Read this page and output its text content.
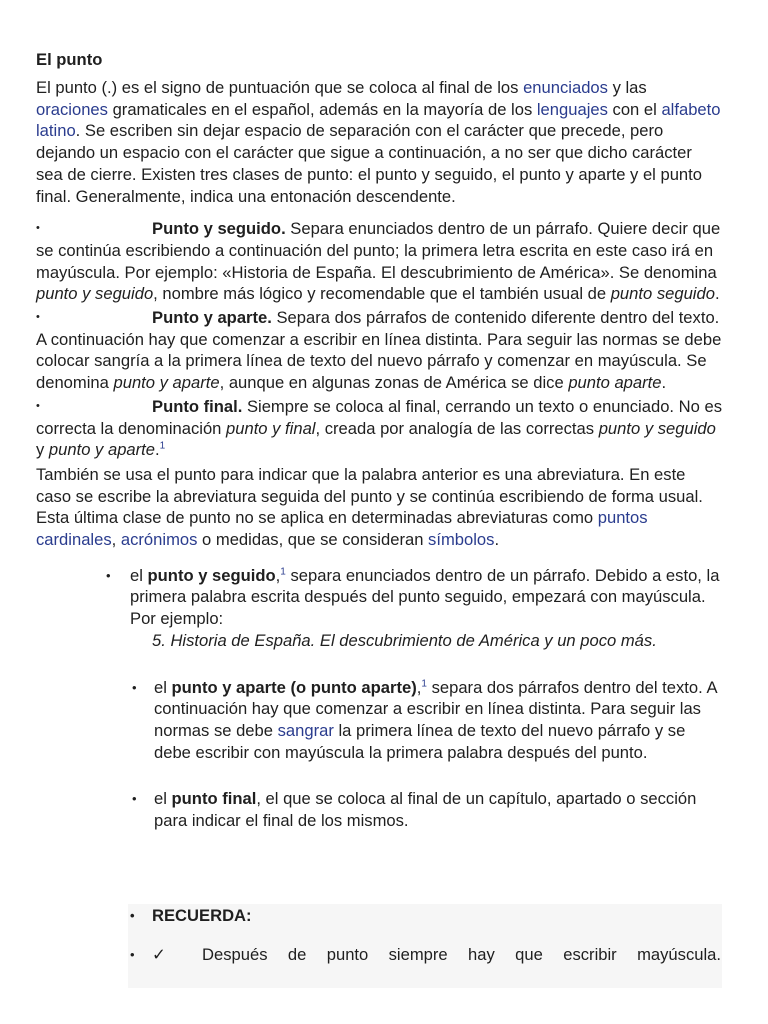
El punto

El punto (.) es el signo de puntuación que se coloca al final de los enunciados y las oraciones gramaticales en el español, además en la mayoría de los lenguajes con el alfabeto latino. Se escriben sin dejar espacio de separación con el carácter que precede, pero dejando un espacio con el carácter que sigue a continuación, a no ser que dicho carácter sea de cierre. Existen tres clases de punto: el punto y seguido, el punto y aparte y el punto final. Generalmente, indica una entonación descendente.

•	Punto y seguido. Separa enunciados dentro de un párrafo. Quiere decir que se continúa escribiendo a continuación del punto; la primera letra escrita en este caso irá en mayúscula. Por ejemplo: «Historia de España. El descubrimiento de América». Se denomina punto y seguido, nombre más lógico y recomendable que el también usual de punto seguido.

•	Punto y aparte. Separa dos párrafos de contenido diferente dentro del texto. A continuación hay que comenzar a escribir en línea distinta. Para seguir las normas se debe colocar sangría a la primera línea de texto del nuevo párrafo y comenzar en mayúscula. Se denomina punto y aparte, aunque en algunas zonas de América se dice punto aparte.

•	Punto final. Siempre se coloca al final, cerrando un texto o enunciado. No es correcta la denominación punto y final, creada por analogía de las correctas punto y seguido y punto y aparte.$^1$

También se usa el punto para indicar que la palabra anterior es una abreviatura. En este caso se escribe la abreviatura seguida del punto y se continúa escribiendo de forma usual. Esta última clase de punto no se aplica en determinadas abreviaturas como puntos cardinales, acrónimos o medidas, que se consideran símbolos.

• el punto y seguido,$^1$ separa enunciados dentro de un párrafo. Debido a esto, la primera palabra escrita después del punto seguido, empezará con mayúscula. Por ejemplo:
5. Historia de España. El descubrimiento de América y un poco más.
• el punto y aparte (o punto aparte),$^1$ separa dos párrafos dentro del texto. A continuación hay que comenzar a escribir en línea distinta. Para seguir las normas se debe sangrar la primera línea de texto del nuevo párrafo y se debe escribir con mayúscula la primera palabra después del punto.
• el punto final, el que se coloca al final de un capítulo, apartado o sección para indicar el final de los mismos.
• RECUERDA:
• ✓ Después de punto siempre hay que escribir mayúscula.
